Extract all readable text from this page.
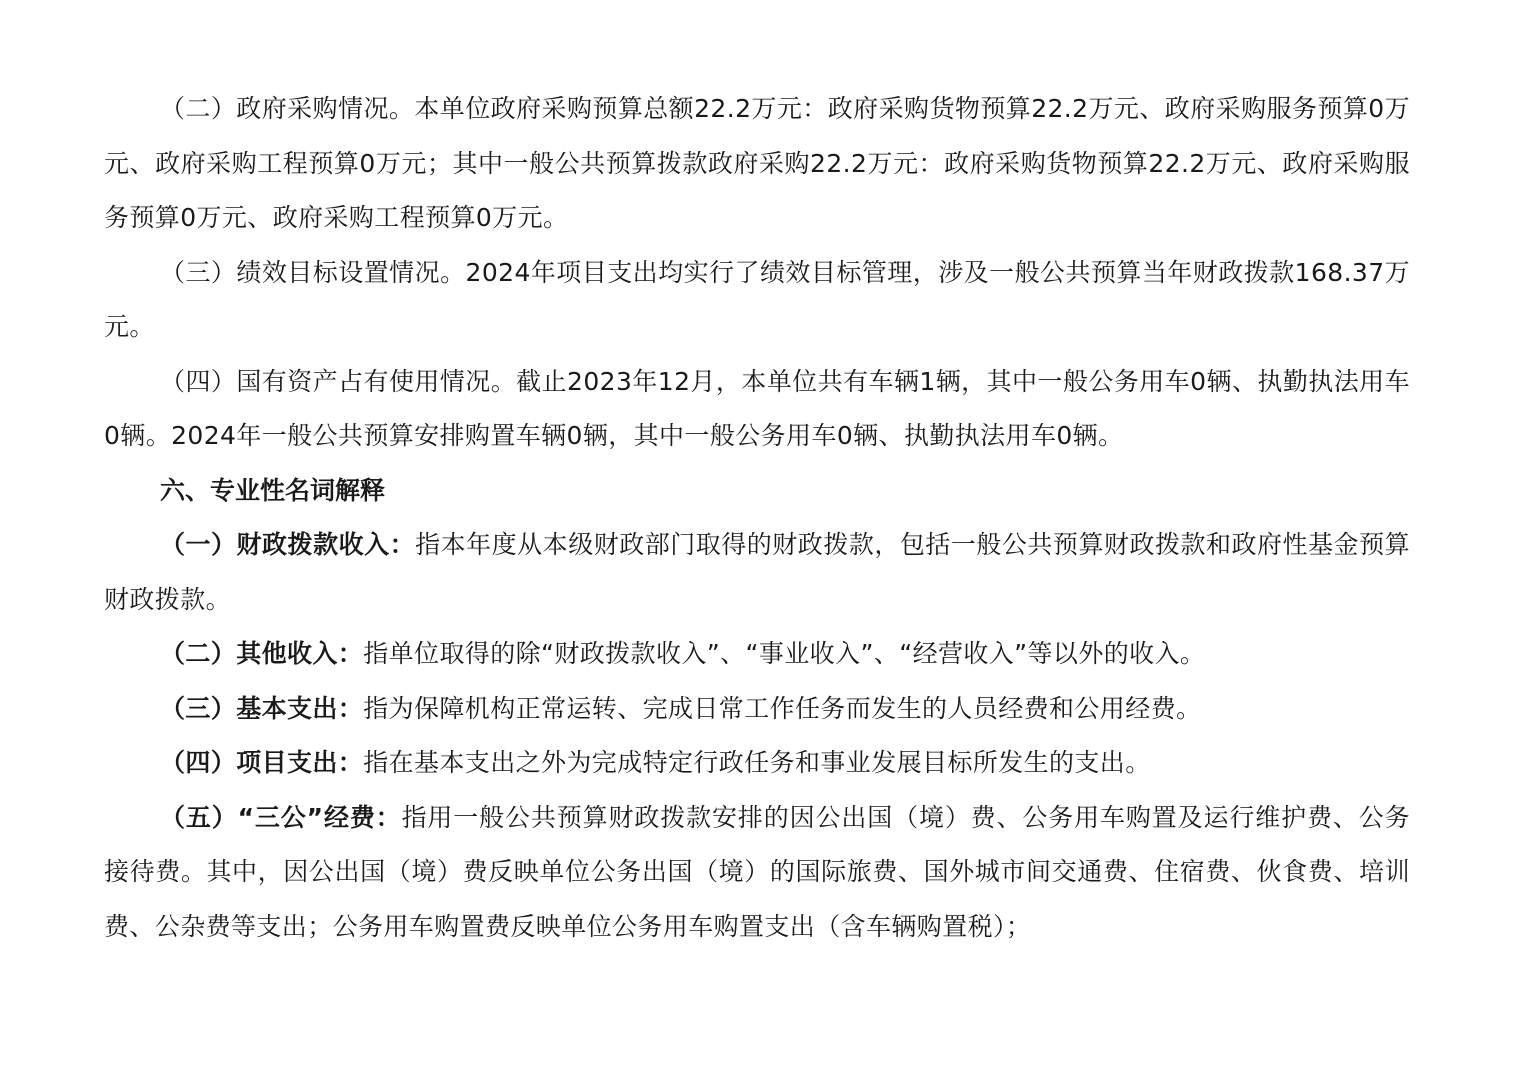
（二）政府采购情况。本单位政府采购预算总额22.2万元：政府采购货物预算22.2万元、政府采购服务预算0万元、政府采购工程预算0万元；其中一般公共预算拨款政府采购22.2万元：政府采购货物预算22.2万元、政府采购服务预算0万元、政府采购工程预算0万元。

（三）绩效目标设置情况。2024年项目支出均实行了绩效目标管理，涉及一般公共预算当年财政拨款168.37万元。

（四）国有资产占有使用情况。截止2023年12月，本单位共有车辆1辆，其中一般公务用车0辆、执勤执法用车0辆。2024年一般公共预算安排购置车辆0辆，其中一般公务用车0辆、执勤执法用车0辆。

六、专业性名词解释

（一）财政拨款收入：指本年度从本级财政部门取得的财政拨款，包括一般公共预算财政拨款和政府性基金预算财政拨款。

（二）其他收入：指单位取得的除“财政拨款收入”、“事业收入”、“经营收入”等以外的收入。

（三）基本支出：指为保障机构正常运转、完成日常工作任务而发生的人员经费和公用经费。

（四）项目支出：指在基本支出之外为完成特定行政任务和事业发展目标所发生的支出。

（五）“三公”经费：指用一般公共预算财政拨款安排的因公出国（境）费、公务用车购置及运行维护费、公务接待费。其中，因公出国（境）费反映单位公务出国（境）的国际旅费、国外城市间交通费、住宿费、伙食费、培训费、公杂费等支出；公务用车购置费反映单位公务用车购置支出（含车辆购置税）；
